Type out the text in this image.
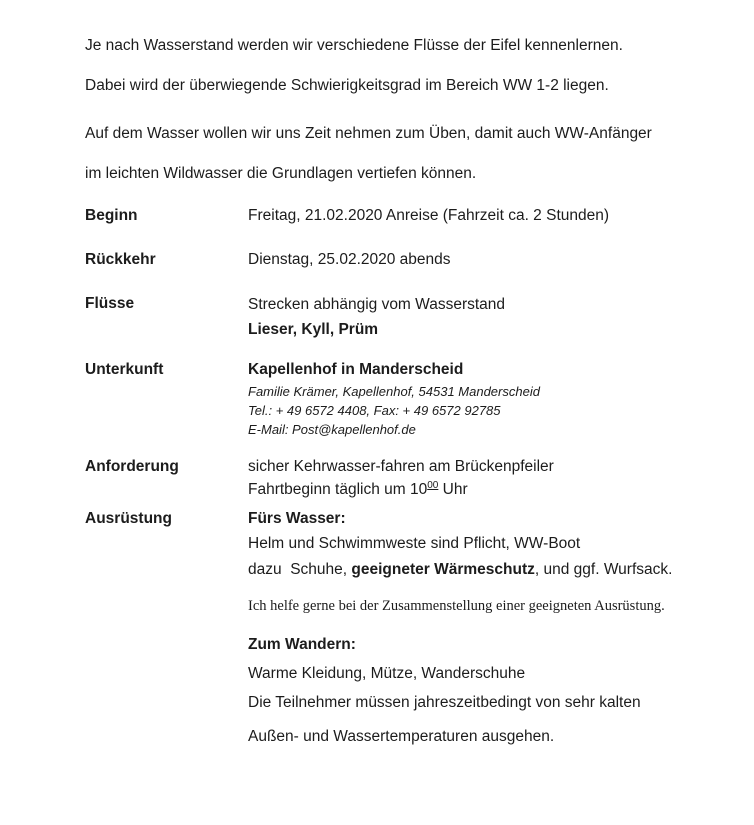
Je nach Wasserstand werden wir verschiedene Flüsse der Eifel kennenlernen.
Dabei wird der überwiegende Schwierigkeitsgrad im Bereich WW 1-2 liegen.

Auf dem Wasser wollen wir uns Zeit nehmen zum Üben, damit auch WW-Anfänger
im leichten Wildwasser die Grundlagen vertiefen können.

Beginn	Freitag, 21.02.2020 Anreise (Fahrzeit ca. 2 Stunden)
Rückkehr	Dienstag, 25.02.2020 abends
Flüsse	Strecken abhängig vom Wasserstand
Lieser, Kyll, Prüm
Unterkunft	Kapellenhof in Manderscheid
Familie Krämer, Kapellenhof, 54531 Manderscheid
Tel.: + 49 6572 4408, Fax: + 49 6572 92785
E-Mail: Post@kapellenhof.de
Anforderung	sicher Kehrwasser-fahren am Brückenpfeiler
Fahrtbeginn täglich um $10^{00}$ Uhr
Ausrüstung	Fürs Wasser:
Helm und Schwimmweste sind Pflicht, WW-Boot
dazu  Schuhe, geeigneter Wärmeschutz, und ggf. Wurfsack.
Ich helfe gerne bei der Zusammenstellung einer geeigneten Ausrüstung.
Zum Wandern:
Warme Kleidung, Mütze, Wanderschuhe
Die Teilnehmer müssen jahreszeitbedingt von sehr kalten
Außen- und Wassertemperaturen ausgehen.
